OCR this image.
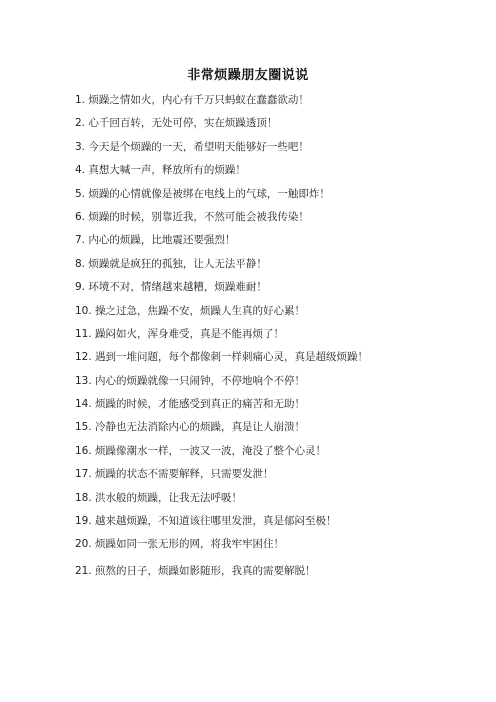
非常烦躁朋友圈说说
1. 烦躁之情如火，内心有千万只蚂蚁在蠢蠢欲动！
2. 心千回百转，无处可停，实在烦躁透顶！
3. 今天是个烦躁的一天，希望明天能够好一些吧！
4. 真想大喊一声，释放所有的烦躁！
5. 烦躁的心情就像是被绑在电线上的气球，一触即炸！
6. 烦躁的时候，别靠近我，不然可能会被我传染！
7. 内心的烦躁，比地震还要强烈！
8. 烦躁就是疯狂的孤独，让人无法平静！
9. 环境不对，情绪越来越糟，烦躁难耐！
10. 操之过急，焦躁不安，烦躁人生真的好心累！
11. 躁闷如火，浑身难受，真是不能再烦了！
12. 遇到一堆问题，每个都像刺一样刺痛心灵，真是超级烦躁！
13. 内心的烦躁就像一只闹钟，不停地响个不停！
14. 烦躁的时候，才能感受到真正的痛苦和无助！
15. 冷静也无法消除内心的烦躁，真是让人崩溃！
16. 烦躁像潮水一样，一波又一波，淹没了整个心灵！
17. 烦躁的状态不需要解释，只需要发泄！
18. 洪水般的烦躁，让我无法呼吸！
19. 越来越烦躁，不知道该往哪里发泄，真是郁闷至极！
20. 烦躁如同一张无形的网，将我牢牢困住！
21. 煎熬的日子，烦躁如影随形，我真的需要解脱！
